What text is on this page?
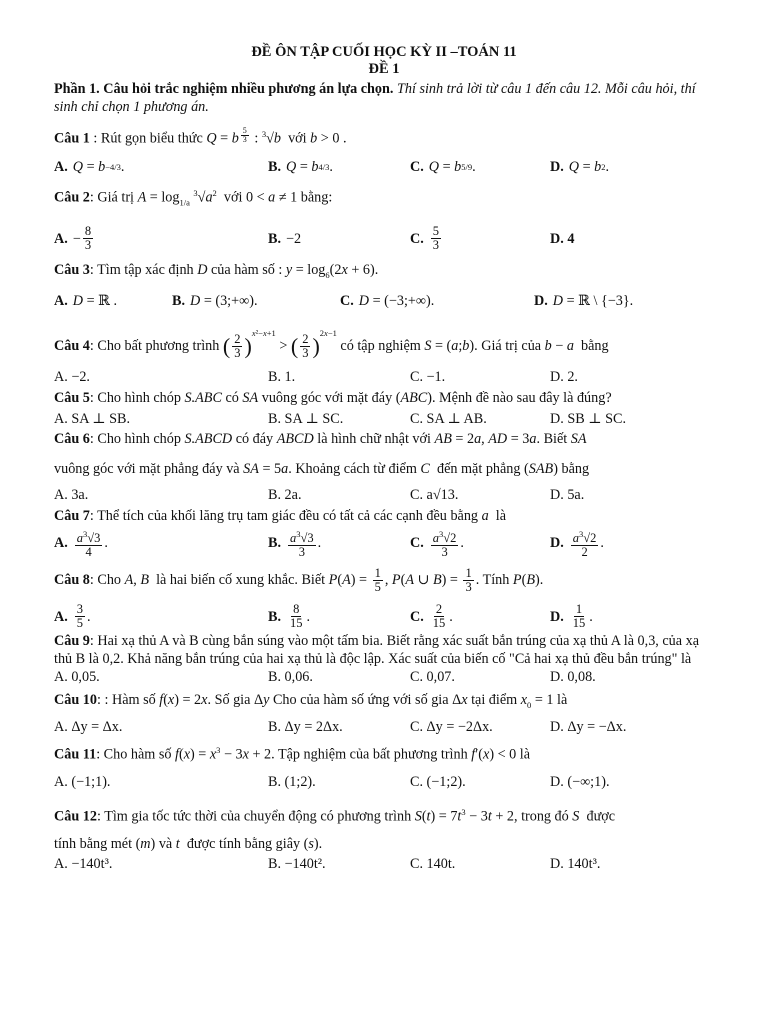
ĐỀ ÔN TẬP CUỐI HỌC KỲ II –TOÁN 11
ĐỀ 1
Phần 1. Câu hỏi trắc nghiệm nhiều phương án lựa chọn. Thí sinh trả lời từ câu 1 đến câu 12. Mỗi câu hỏi, thí sinh chỉ chọn 1 phương án.
Câu 1 : Rút gọn biểu thức Q = b $^{\frac{5}{3}}$ : $^3$√b  với b > 0 .
A. Q = b −4/3 .	B. Q = b 4/3 .	C. Q = b 5/9 .	D. Q = b 2 .
Câu 2: Giá trị $A = \log_{1/a} ^3√a^2$  với 0 < a ≠ 1 bằng:
A. − $\frac{8}{3}$	B. −2	C. $\frac{5}{3}$	D. 4
Câu 3: Tìm tập xác định D của hàm số : $y = \log_6(2x + 6)$.
A. D = ℝ .	B. D = (3;+∞).	C. D = (−3;+∞).	D. D = ℝ \ {−3}.
Câu 4: Cho bất phương trình ( $\frac{2}{3} )^{x^2-x+1}$ > ( $\frac{2}{3} )^{2x-1}$ có tập nghiệm S = (a;b). Giá trị của b − a  bằng
A. −2.	B. 1.	C. −1.	D. 2.
Câu 5: Cho hình chóp S.ABC có SA vuông góc với mặt đáy (ABC). Mệnh đề nào sau đây là đúng?
A. SA ⊥ SB.	B. SA ⊥ SC.	C. SA ⊥ AB.	D. SB ⊥ SC.
Câu 6: Cho hình chóp S.ABCD có đáy ABCD là hình chữ nhật với AB = 2a, AD = 3a. Biết SA
vuông góc với mặt phẳng đáy và SA = 5a. Khoảng cách từ điểm C  đến mặt phẳng (SAB) bằng
A. 3a.	B. 2a.	C. a√13.	D. 5a.
Câu 7: Thể tích của khối lăng trụ tam giác đều có tất cả các cạnh đều bằng a  là
A. $\frac{a^3√3}{4}$ .	B. $\frac{a^3√3}{3}$ .	C. $\frac{a^3√2}{3}$ .	D. $\frac{a^3√2}{2}$ .
Câu 8: Cho A, B  là hai biến cố xung khắc. Biết $P(A) = \frac{1}{5}$ , P(A ∪ $B) = \frac{1}{3}$ . Tính P(B).
A. $\frac{3}{5}$ .	B. $\frac{8}{15}$ .	C. $\frac{2}{15}$ .	D. $\frac{1}{15}$ .
Câu 9: Hai xạ thủ A và B cùng bắn súng vào một tấm bia. Biết rằng xác suất bắn trúng của xạ thủ A là 0,3, của xạ thủ B là 0,2. Khả năng bắn trúng của hai xạ thủ là độc lập. Xác suất của biến cố "Cả hai xạ thủ đều bắn trúng" là
A. 0,05.	B. 0,06.	C. 0,07.	D. 0,08.
Câu 10: : Hàm số f(x) = 2x. Số gia Δy Cho của hàm số ứng với số gia Δx tại điểm $x_0 = 1$ là
A. Δy = Δx.	B. Δy = 2Δx.	C. Δy = −2Δx.	D. Δy = −Δx.
Câu 11: Cho hàm số $f(x) = x^3 - 3x + 2$. Tập nghiệm của bất phương trình f′(x) < 0 là
A. (−1;1).	B. (1;2).	C. (−1;2).	D. (−∞;1).
Câu 12: Tìm gia tốc tức thời của chuyển động có phương trình $S(t) = 7t^3 - 3t + 2$, trong đó S  được
tính bằng mét (m) và t  được tính bằng giây (s).
A. −140t³.	B. −140t².	C. 140t.	D. 140t³.
